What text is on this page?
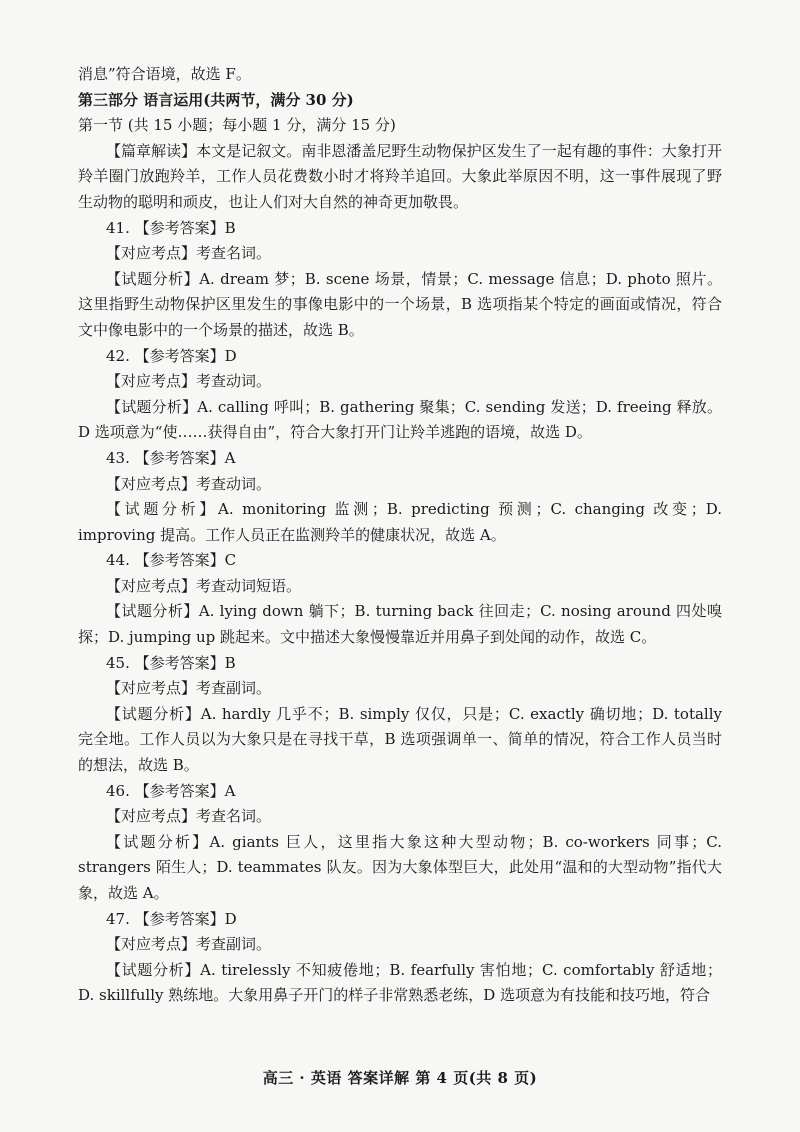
消息”符合语境，故选 F。
第三部分 语言运用(共两节，满分 30 分)
第一节 (共 15 小题；每小题 1 分，满分 15 分)

【篇章解读】本文是记叙文。南非恩潘盖尼野生动物保护区发生了一起有趣的事件：大象打开羚羊圈门放跑羚羊，工作人员花费数小时才将羚羊追回。大象此举原因不明，这一事件展现了野生动物的聪明和顽皮，也让人们对大自然的神奇更加敬畏。

41. 【参考答案】B
【对应考点】考查名词。

【试题分析】A. dream 梦；B. scene 场景，情景；C. message 信息；D. photo 照片。这里指野生动物保护区里发生的事像电影中的一个场景，B 选项指某个特定的画面或情况，符合文中像电影中的一个场景的描述，故选 B。

42. 【参考答案】D
【对应考点】考查动词。

【试题分析】A. calling 呼叫；B. gathering 聚集；C. sending 发送；D. freeing 释放。D 选项意为“使……获得自由”，符合大象打开门让羚羊逃跑的语境，故选 D。

43. 【参考答案】A
【对应考点】考查动词。

【试题分析】A. monitoring 监测；B. predicting 预测；C. changing 改变；D. improving 提高。工作人员正在监测羚羊的健康状况，故选 A。

44. 【参考答案】C
【对应考点】考查动词短语。

【试题分析】A. lying down 躺下；B. turning back 往回走；C. nosing around 四处嗅探；D. jumping up 跳起来。文中描述大象慢慢靠近并用鼻子到处闻的动作，故选 C。

45. 【参考答案】B
【对应考点】考查副词。

【试题分析】A. hardly 几乎不；B. simply 仅仅，只是；C. exactly 确切地；D. totally 完全地。工作人员以为大象只是在寻找干草，B 选项强调单一、简单的情况，符合工作人员当时的想法，故选 B。

46. 【参考答案】A
【对应考点】考查名词。

【试题分析】A. giants 巨人，这里指大象这种大型动物；B. co-workers 同事；C. strangers 陌生人；D. teammates 队友。因为大象体型巨大，此处用“温和的大型动物”指代大象，故选 A。

47. 【参考答案】D
【对应考点】考查副词。

【试题分析】A. tirelessly 不知疲倦地；B. fearfully 害怕地；C. comfortably 舒适地；D. skillfully 熟练地。大象用鼻子开门的样子非常熟悉老练，D 选项意为有技能和技巧地，符合

高三 · 英语 答案详解 第 4 页(共 8 页)
